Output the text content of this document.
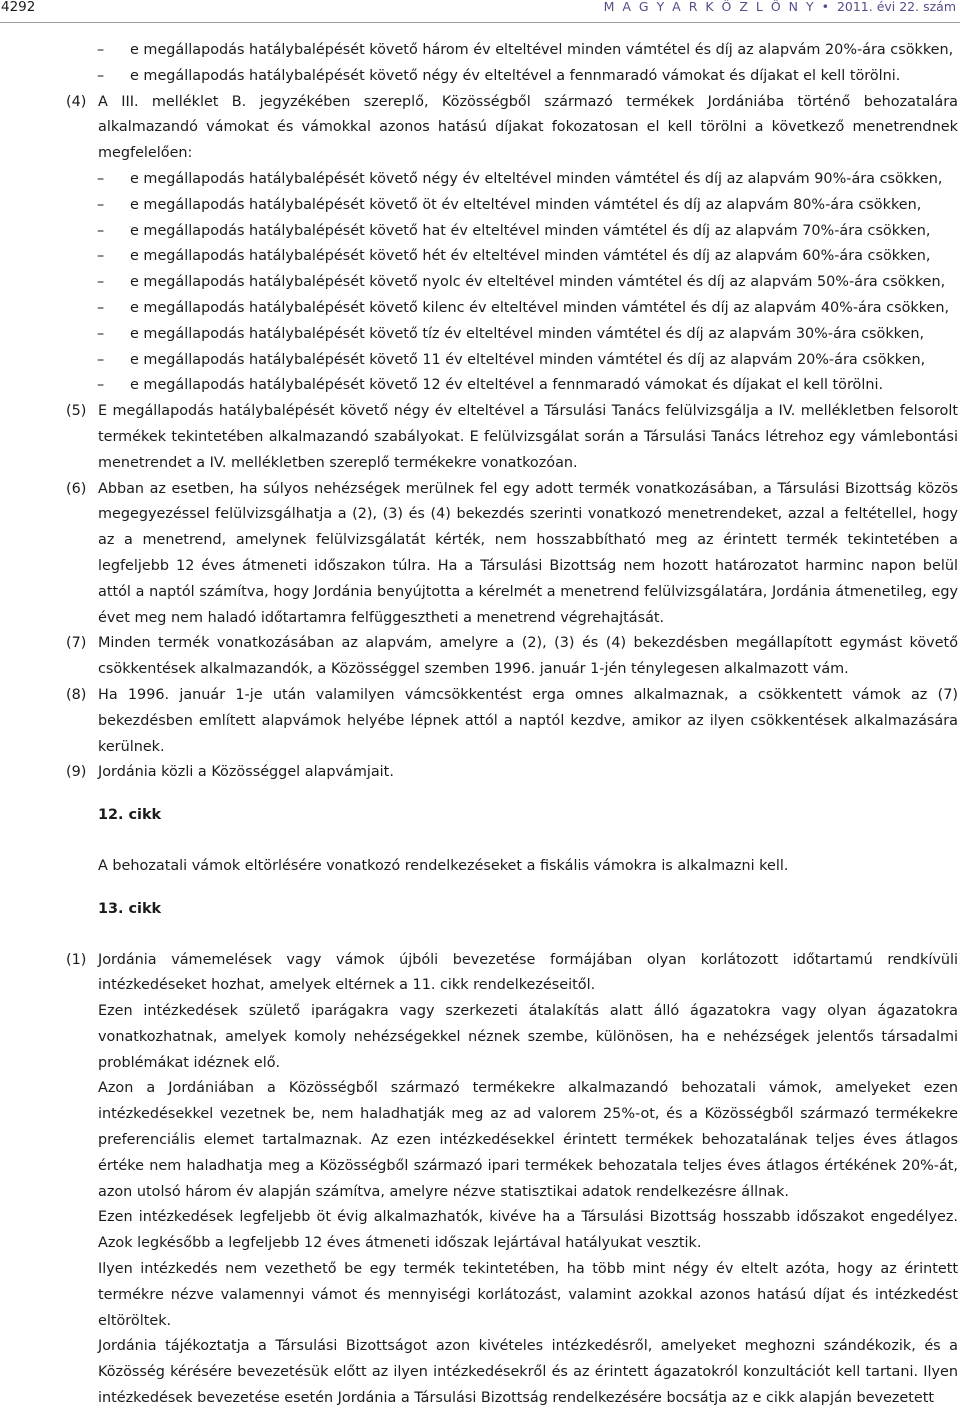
4292	M A G Y A R K Ö Z L Ö N Y • 2011. évi 22. szám
– e megállapodás hatálybalépését követő három év elteltével minden vámtétel és díj az alapvám 20%-ára csökken,
– e megállapodás hatálybalépését követő négy év elteltével a fennmaradó vámokat és díjakat el kell törölni.
(4) A III. melléklet B. jegyzékében szereplő, Közösségből származó termékek Jordániába történő behozatalára alkalmazandó vámokat és vámokkal azonos hatású díjakat fokozatosan el kell törölni a következő menetrendnek megfelelően:
– e megállapodás hatálybalépését követő négy év elteltével minden vámtétel és díj az alapvám 90%-ára csökken,
– e megállapodás hatálybalépését követő öt év elteltével minden vámtétel és díj az alapvám 80%-ára csökken,
– e megállapodás hatálybalépését követő hat év elteltével minden vámtétel és díj az alapvám 70%-ára csökken,
– e megállapodás hatálybalépését követő hét év elteltével minden vámtétel és díj az alapvám 60%-ára csökken,
– e megállapodás hatálybalépését követő nyolc év elteltével minden vámtétel és díj az alapvám 50%-ára csökken,
– e megállapodás hatálybalépését követő kilenc év elteltével minden vámtétel és díj az alapvám 40%-ára csökken,
– e megállapodás hatálybalépését követő tíz év elteltével minden vámtétel és díj az alapvám 30%-ára csökken,
– e megállapodás hatálybalépését követő 11 év elteltével minden vámtétel és díj az alapvám 20%-ára csökken,
– e megállapodás hatálybalépését követő 12 év elteltével a fennmaradó vámokat és díjakat el kell törölni.
(5) E megállapodás hatálybalépését követő négy év elteltével a Társulási Tanács felülvizsgálja a IV. mellékletben felsorolt termékek tekintetében alkalmazandó szabályokat. E felülvizsgálat során a Társulási Tanács létrehoz egy vámlebontási menetrendet a IV. mellékletben szereplő termékekre vonatkozóan.
(6) Abban az esetben, ha súlyos nehézségek merülnek fel egy adott termék vonatkozásában, a Társulási Bizottság közös megegyezéssel felülvizsgálhatja a (2), (3) és (4) bekezdés szerinti vonatkozó menetrendeket, azzal a feltétellel, hogy az a menetrend, amelynek felülvizsgálatát kérték, nem hosszabbítható meg az érintett termék tekintetében a legfeljebb 12 éves átmeneti időszakon túlra. Ha a Társulási Bizottság nem hozott határozatot harminc napon belül attól a naptól számítva, hogy Jordánia benyújtotta a kérelmét a menetrend felülvizsgálatára, Jordánia átmenetileg, egy évet meg nem haladó időtartamra felfüggesztheti a menetrend végrehajtását.
(7) Minden termék vonatkozásában az alapvám, amelyre a (2), (3) és (4) bekezdésben megállapított egymást követő csökkentések alkalmazandók, a Közösséggel szemben 1996. január 1-jén ténylegesen alkalmazott vám.
(8) Ha 1996. január 1-je után valamilyen vámcsökkentést erga omnes alkalmaznak, a csökkentett vámok az (7) bekezdésben említett alapvámok helyébe lépnek attól a naptól kezdve, amikor az ilyen csökkentések alkalmazására kerülnek.
(9) Jordánia közli a Közösséggel alapvámjait.
12. cikk
A behozatali vámok eltörlésére vonatkozó rendelkezéseket a fiskális vámokra is alkalmazni kell.
13. cikk
(1) Jordánia vámemelések vagy vámok újbóli bevezetése formájában olyan korlátozott időtartamú rendkívüli intézkedéseket hozhat, amelyek eltérnek a 11. cikk rendelkezéseitől.
Ezen intézkedések születő iparágakra vagy szerkezeti átalakítás alatt álló ágazatokra vagy olyan ágazatokra vonatkozhatnak, amelyek komoly nehézségekkel néznek szembe, különösen, ha e nehézségek jelentős társadalmi problémákat idéznek elő.
Azon a Jordániában a Közösségből származó termékekre alkalmazandó behozatali vámok, amelyeket ezen intézkedésekkel vezetnek be, nem haladhatják meg az ad valorem 25%-ot, és a Közösségből származó termékekre preferenciális elemet tartalmaznak. Az ezen intézkedésekkel érintett termékek behozatalának teljes éves átlagos értéke nem haladhatja meg a Közösségből származó ipari termékek behozatala teljes éves átlagos értékének 20%-át, azon utolsó három év alapján számítva, amelyre nézve statisztikai adatok rendelkezésre állnak.
Ezen intézkedések legfeljebb öt évig alkalmazhatók, kivéve ha a Társulási Bizottság hosszabb időszakot engedélyez. Azok legkésőbb a legfeljebb 12 éves átmeneti időszak lejártával hatályukat vesztik.
Ilyen intézkedés nem vezethető be egy termék tekintetében, ha több mint négy év eltelt azóta, hogy az érintett termékre nézve valamennyi vámot és mennyiségi korlátozást, valamint azokkal azonos hatású díjat és intézkedést eltöröltek.
Jordánia tájékoztatja a Társulási Bizottságot azon kivételes intézkedésről, amelyeket meghozni szándékozik, és a Közösség kérésére bevezetésük előtt az ilyen intézkedésekről és az érintett ágazatokról konzultációt kell tartani. Ilyen intézkedések bevezetése esetén Jordánia a Társulási Bizottság rendelkezésére bocsátja az e cikk alapján bevezetett
